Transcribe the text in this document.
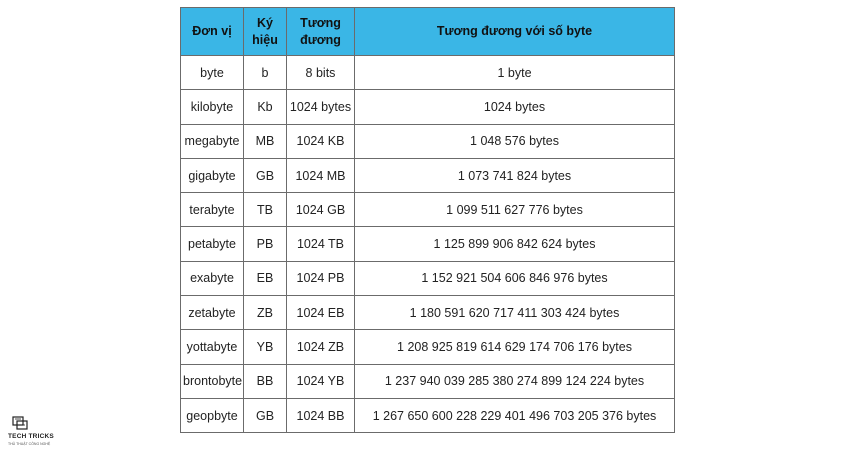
Đơn vị	Ký hiệu	Tương đương	Tương đương với số byte
byte	b	8 bits	1 byte
kilobyte	Kb	1024 bytes	1024 bytes
megabyte	MB	1024 KB	1 048 576 bytes
gigabyte	GB	1024 MB	1 073 741 824 bytes
terabyte	TB	1024 GB	1 099 511 627 776 bytes
petabyte	PB	1024 TB	1 125 899 906 842 624 bytes
exabyte	EB	1024 PB	1 152 921 504 606 846 976 bytes
zetabyte	ZB	1024 EB	1 180 591 620 717 411 303 424 bytes
yottabyte	YB	1024 ZB	1 208 925 819 614 629 174 706 176 bytes
brontobyte	BB	1024 YB	1 237 940 039 285 380 274 899 124 224 bytes
geopbyte	GB	1024 BB	1 267 650 600 228 229 401 496 703 205 376 bytes
TECH TRICKS
THỦ THUẬT CÔNG NGHỆ
